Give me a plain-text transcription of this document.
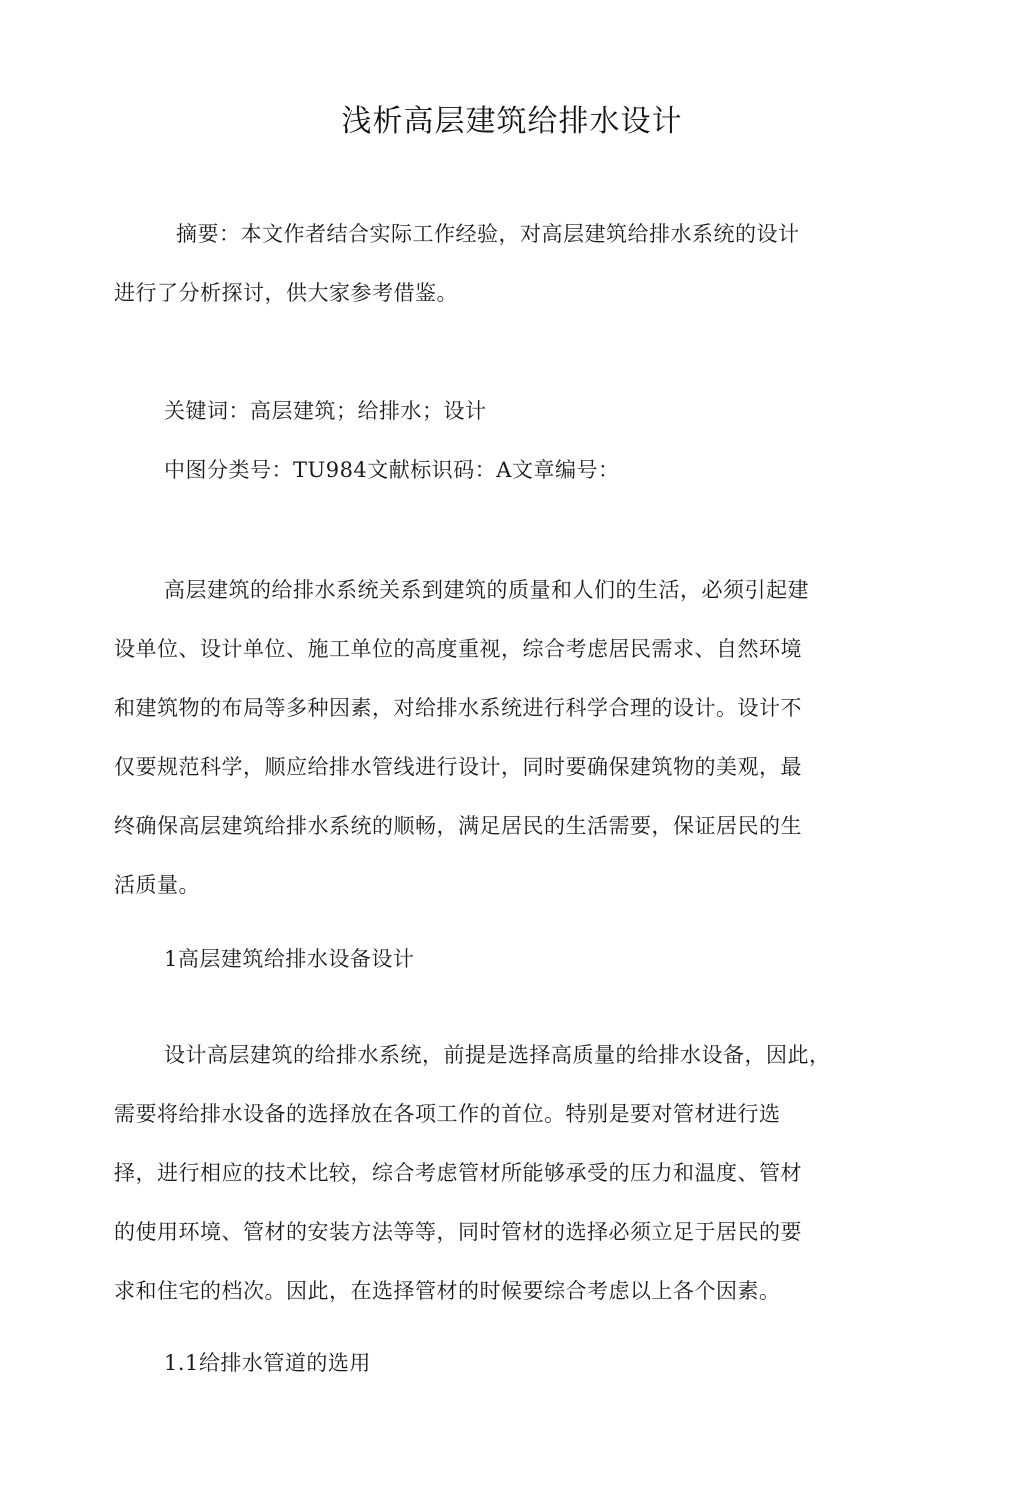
浅析高层建筑给排水设计
摘要：本文作者结合实际工作经验，对高层建筑给排水系统的设计
进行了分析探讨，供大家参考借鉴。
关键词：高层建筑；给排水；设计
中图分类号：TU984文献标识码：A文章编号：
高层建筑的给排水系统关系到建筑的质量和人们的生活，必须引起建
设单位、设计单位、施工单位的高度重视，综合考虑居民需求、自然环境
和建筑物的布局等多种因素，对给排水系统进行科学合理的设计。设计不
仅要规范科学，顺应给排水管线进行设计，同时要确保建筑物的美观，最
终确保高层建筑给排水系统的顺畅，满足居民的生活需要，保证居民的生
活质量。
1高层建筑给排水设备设计
设计高层建筑的给排水系统，前提是选择高质量的给排水设备，因此，
需要将给排水设备的选择放在各项工作的首位。特别是要对管材进行选
择，进行相应的技术比较，综合考虑管材所能够承受的压力和温度、管材
的使用环境、管材的安装方法等等，同时管材的选择必须立足于居民的要
求和住宅的档次。因此，在选择管材的时候要综合考虑以上各个因素。
1.1给排水管道的选用
